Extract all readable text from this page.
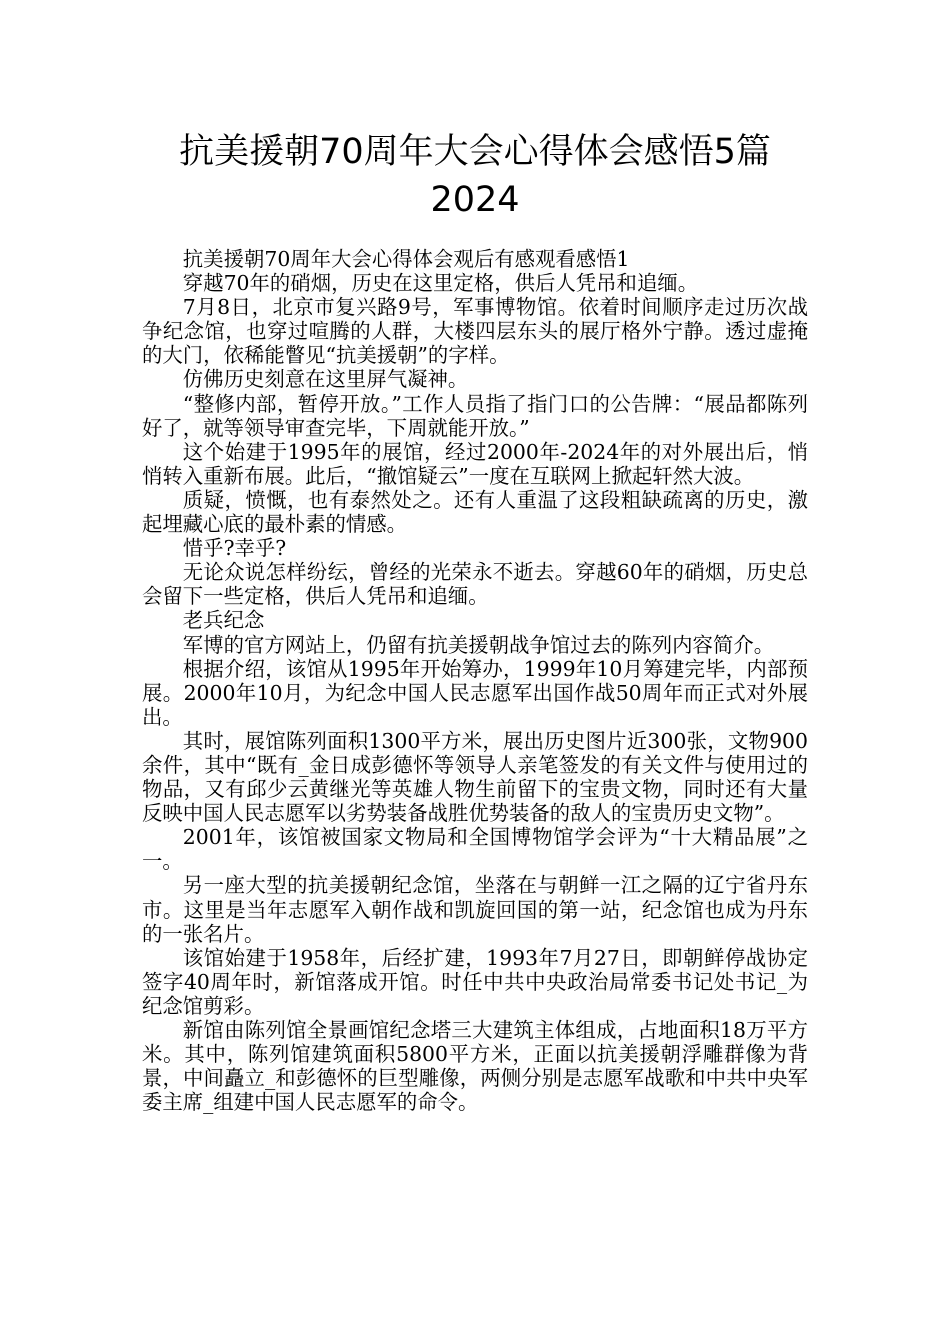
抗美援朝70周年大会心得体会感悟5篇
2024

抗美援朝70周年大会心得体会观后有感观看感悟1

穿越70年的硝烟，历史在这里定格，供后人凭吊和追缅。

7月8日，北京市复兴路9号，军事博物馆。依着时间顺序走过历次战争纪念馆，也穿过喧腾的人群，大楼四层东头的展厅格外宁静。透过虚掩的大门，依稀能瞥见“抗美援朝”的字样。

仿佛历史刻意在这里屏气凝神。

“整修内部，暂停开放。”工作人员指了指门口的公告牌：“展品都陈列好了，就等领导审查完毕，下周就能开放。”

这个始建于1995年的展馆，经过2000年-2024年的对外展出后，悄悄转入重新布展。此后，“撤馆疑云”一度在互联网上掀起轩然大波。

质疑，愤慨，也有泰然处之。还有人重温了这段粗缺疏离的历史，激起埋藏心底的最朴素的情感。

惜乎?幸乎?

无论众说怎样纷纭，曾经的光荣永不逝去。穿越60年的硝烟，历史总会留下一些定格，供后人凭吊和追缅。

老兵纪念

军博的官方网站上，仍留有抗美援朝战争馆过去的陈列内容简介。

根据介绍，该馆从1995年开始筹办，1999年10月筹建完毕，内部预展。2000年10月，为纪念中国人民志愿军出国作战50周年而正式对外展出。

其时，展馆陈列面积1300平方米，展出历史图片近300张，文物900余件，其中“既有_金日成彭德怀等领导人亲笔签发的有关文件与使用过的物品，又有邱少云黄继光等英雄人物生前留下的宝贵文物，同时还有大量反映中国人民志愿军以劣势装备战胜优势装备的敌人的宝贵历史文物”。

2001年，该馆被国家文物局和全国博物馆学会评为“十大精品展”之一。

另一座大型的抗美援朝纪念馆，坐落在与朝鲜一江之隔的辽宁省丹东市。这里是当年志愿军入朝作战和凯旋回国的第一站，纪念馆也成为丹东的一张名片。

该馆始建于1958年，后经扩建，1993年7月27日，即朝鲜停战协定签字40周年时，新馆落成开馆。时任中共中央政治局常委书记处书记_为纪念馆剪彩。

新馆由陈列馆全景画馆纪念塔三大建筑主体组成，占地面积18万平方米。其中，陈列馆建筑面积5800平方米，正面以抗美援朝浮雕群像为背景，中间矗立_和彭德怀的巨型雕像，两侧分别是志愿军战歌和中共中央军委主席_组建中国人民志愿军的命令。
